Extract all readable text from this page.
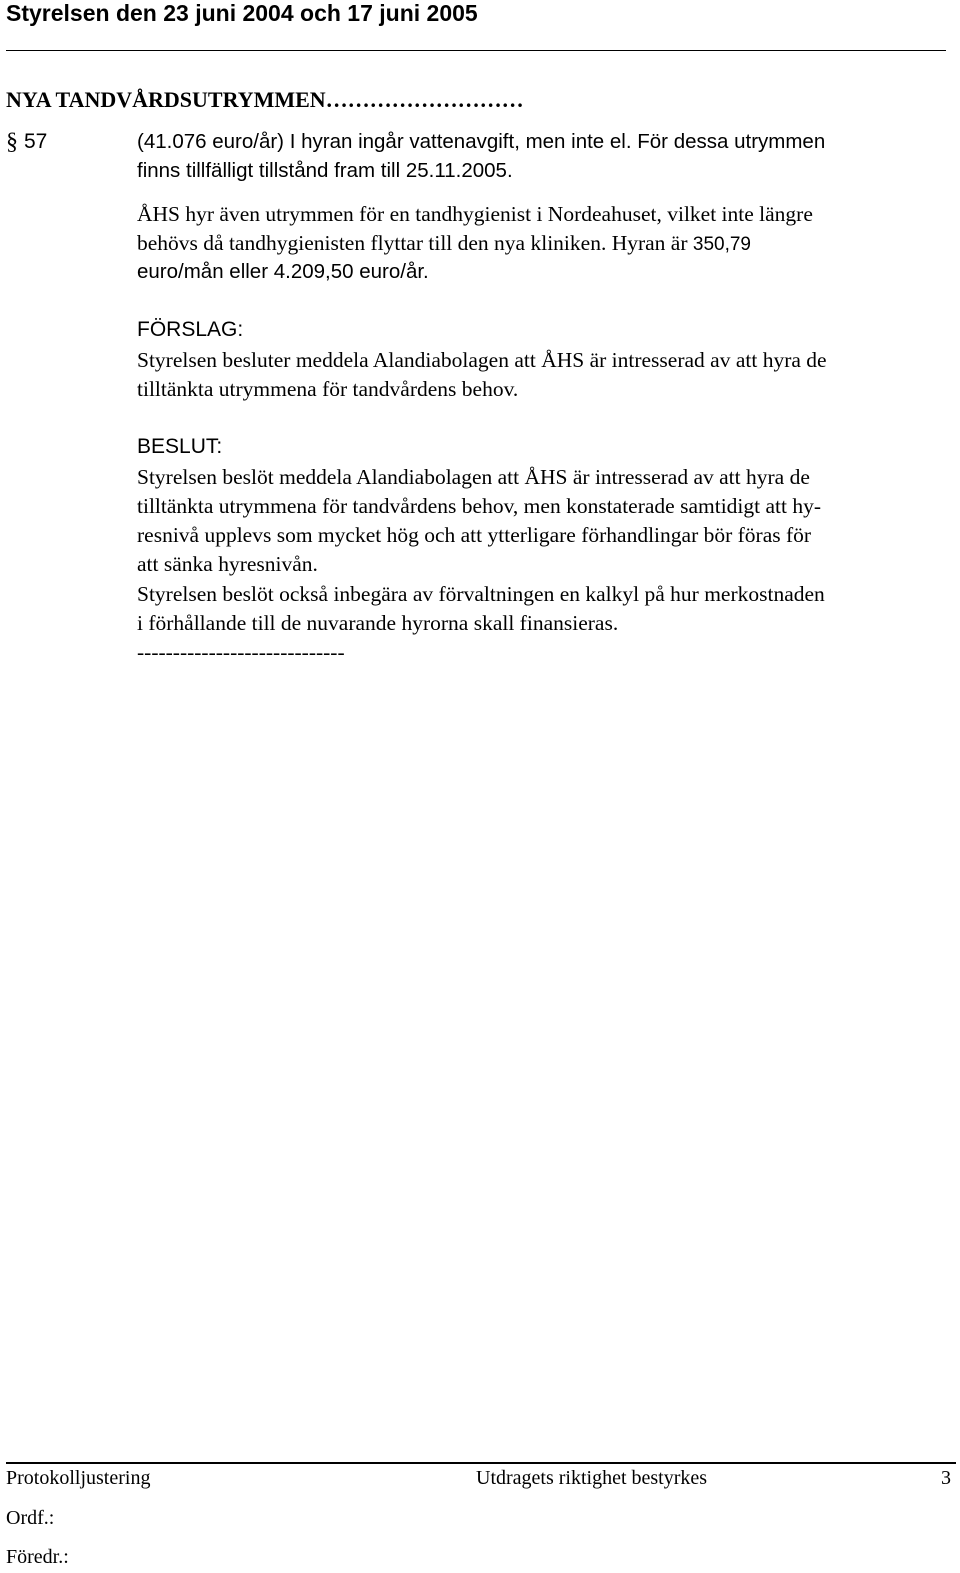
Styrelsen den 23 juni 2004 och 17 juni 2005
NYA TANDVÅRDSUTRYMMEN………………………
§ 57	(41.076 euro/år) I hyran ingår vattenavgift, men inte el. För dessa utrymmen
finns tillfälligt tillstånd fram till 25.11.2005.
ÅHS hyr även utrymmen för en tandhygienist i Nordeahuset, vilket inte längre
behövs då tandhygienisten flyttar till den nya kliniken. Hyran är 350,79
euro/mån eller 4.209,50 euro/år.
FÖRSLAG:
Styrelsen besluter meddela Alandiabolagen att ÅHS är intresserad av att hyra de
tilltänkta utrymmena för tandvårdens behov.
BESLUT:
Styrelsen beslöt meddela Alandiabolagen att ÅHS är intresserad av att hyra de
tilltänkta utrymmena för tandvårdens behov, men konstaterade samtidigt att hy-
resnivå upplevs som mycket hög och att ytterligare förhandlingar bör föras för
att sänka hyresnivån.
Styrelsen beslöt också inbegära av förvaltningen en kalkyl på hur merkostnaden
i förhållande till de nuvarande hyrorna skall finansieras.
-----------------------------
Protokolljustering	Utdragets riktighet bestyrkes	3
Ordf.:
Föredr.:
